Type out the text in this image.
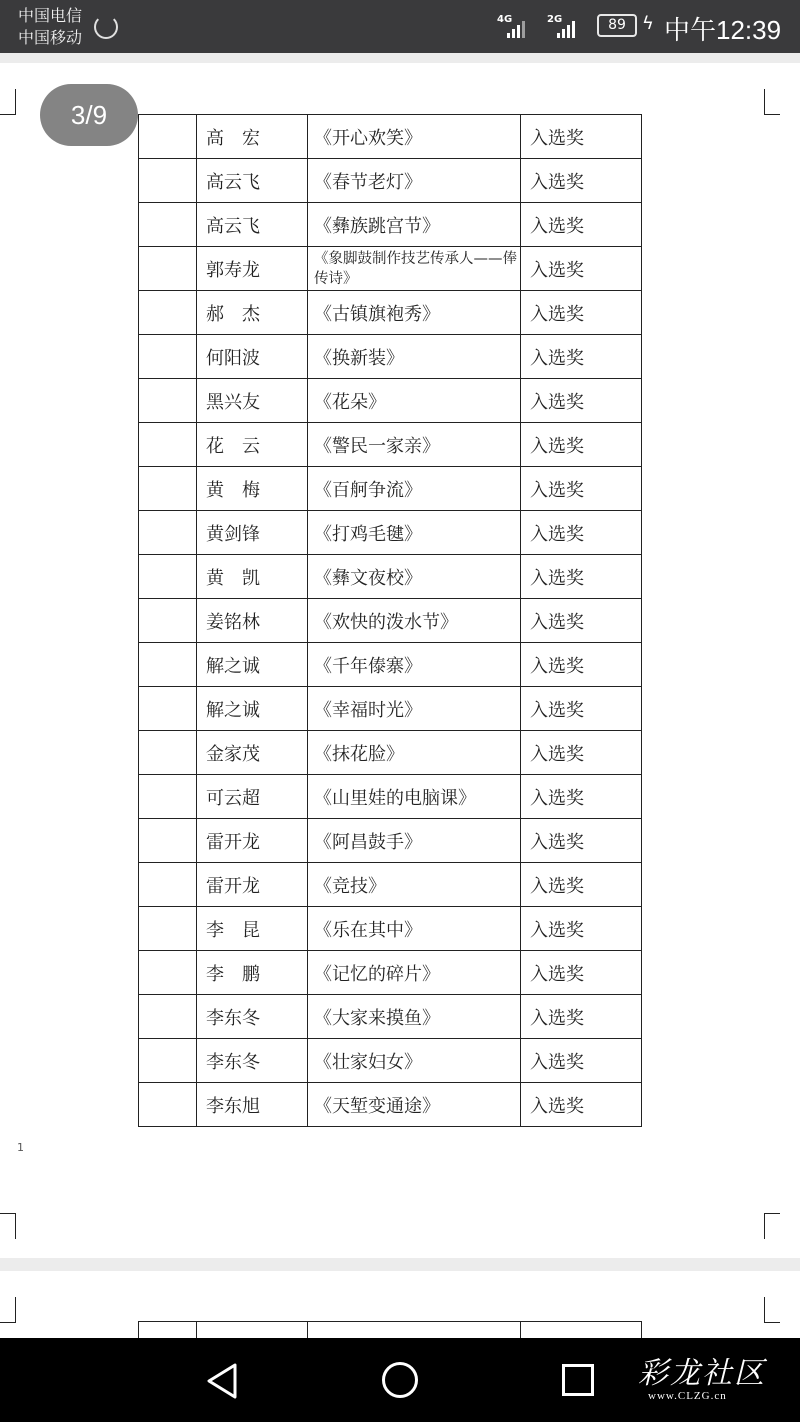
中国电信
中国移动
4G	2G	89 ϟ 中午12:39
	高　宏	《开心欢笑》	入选奖
	高云飞	《春节老灯》	入选奖
	高云飞	《彝族跳宫节》	入选奖
	郭寿龙	《象脚鼓制作技艺传承人——俸传诗》	入选奖
	郝　杰	《古镇旗袍秀》	入选奖
	何阳波	《换新装》	入选奖
	黑兴友	《花朵》	入选奖
	花　云	《警民一家亲》	入选奖
	黄　梅	《百舸争流》	入选奖
	黄剑锋	《打鸡毛毽》	入选奖
	黄　凯	《彝文夜校》	入选奖
	姜铭林	《欢快的泼水节》	入选奖
	解之诚	《千年傣寨》	入选奖
	解之诚	《幸福时光》	入选奖
	金家茂	《抹花脸》	入选奖
	可云超	《山里娃的电脑课》	入选奖
	雷开龙	《阿昌鼓手》	入选奖
	雷开龙	《竞技》	入选奖
	李　昆	《乐在其中》	入选奖
	李　鹏	《记忆的碎片》	入选奖
	李东冬	《大家来摸鱼》	入选奖
	李东冬	《壮家妇女》	入选奖
	李东旭	《天堑变通途》	入选奖
1

3/9
彩龙社区
www.CLZG.cn
